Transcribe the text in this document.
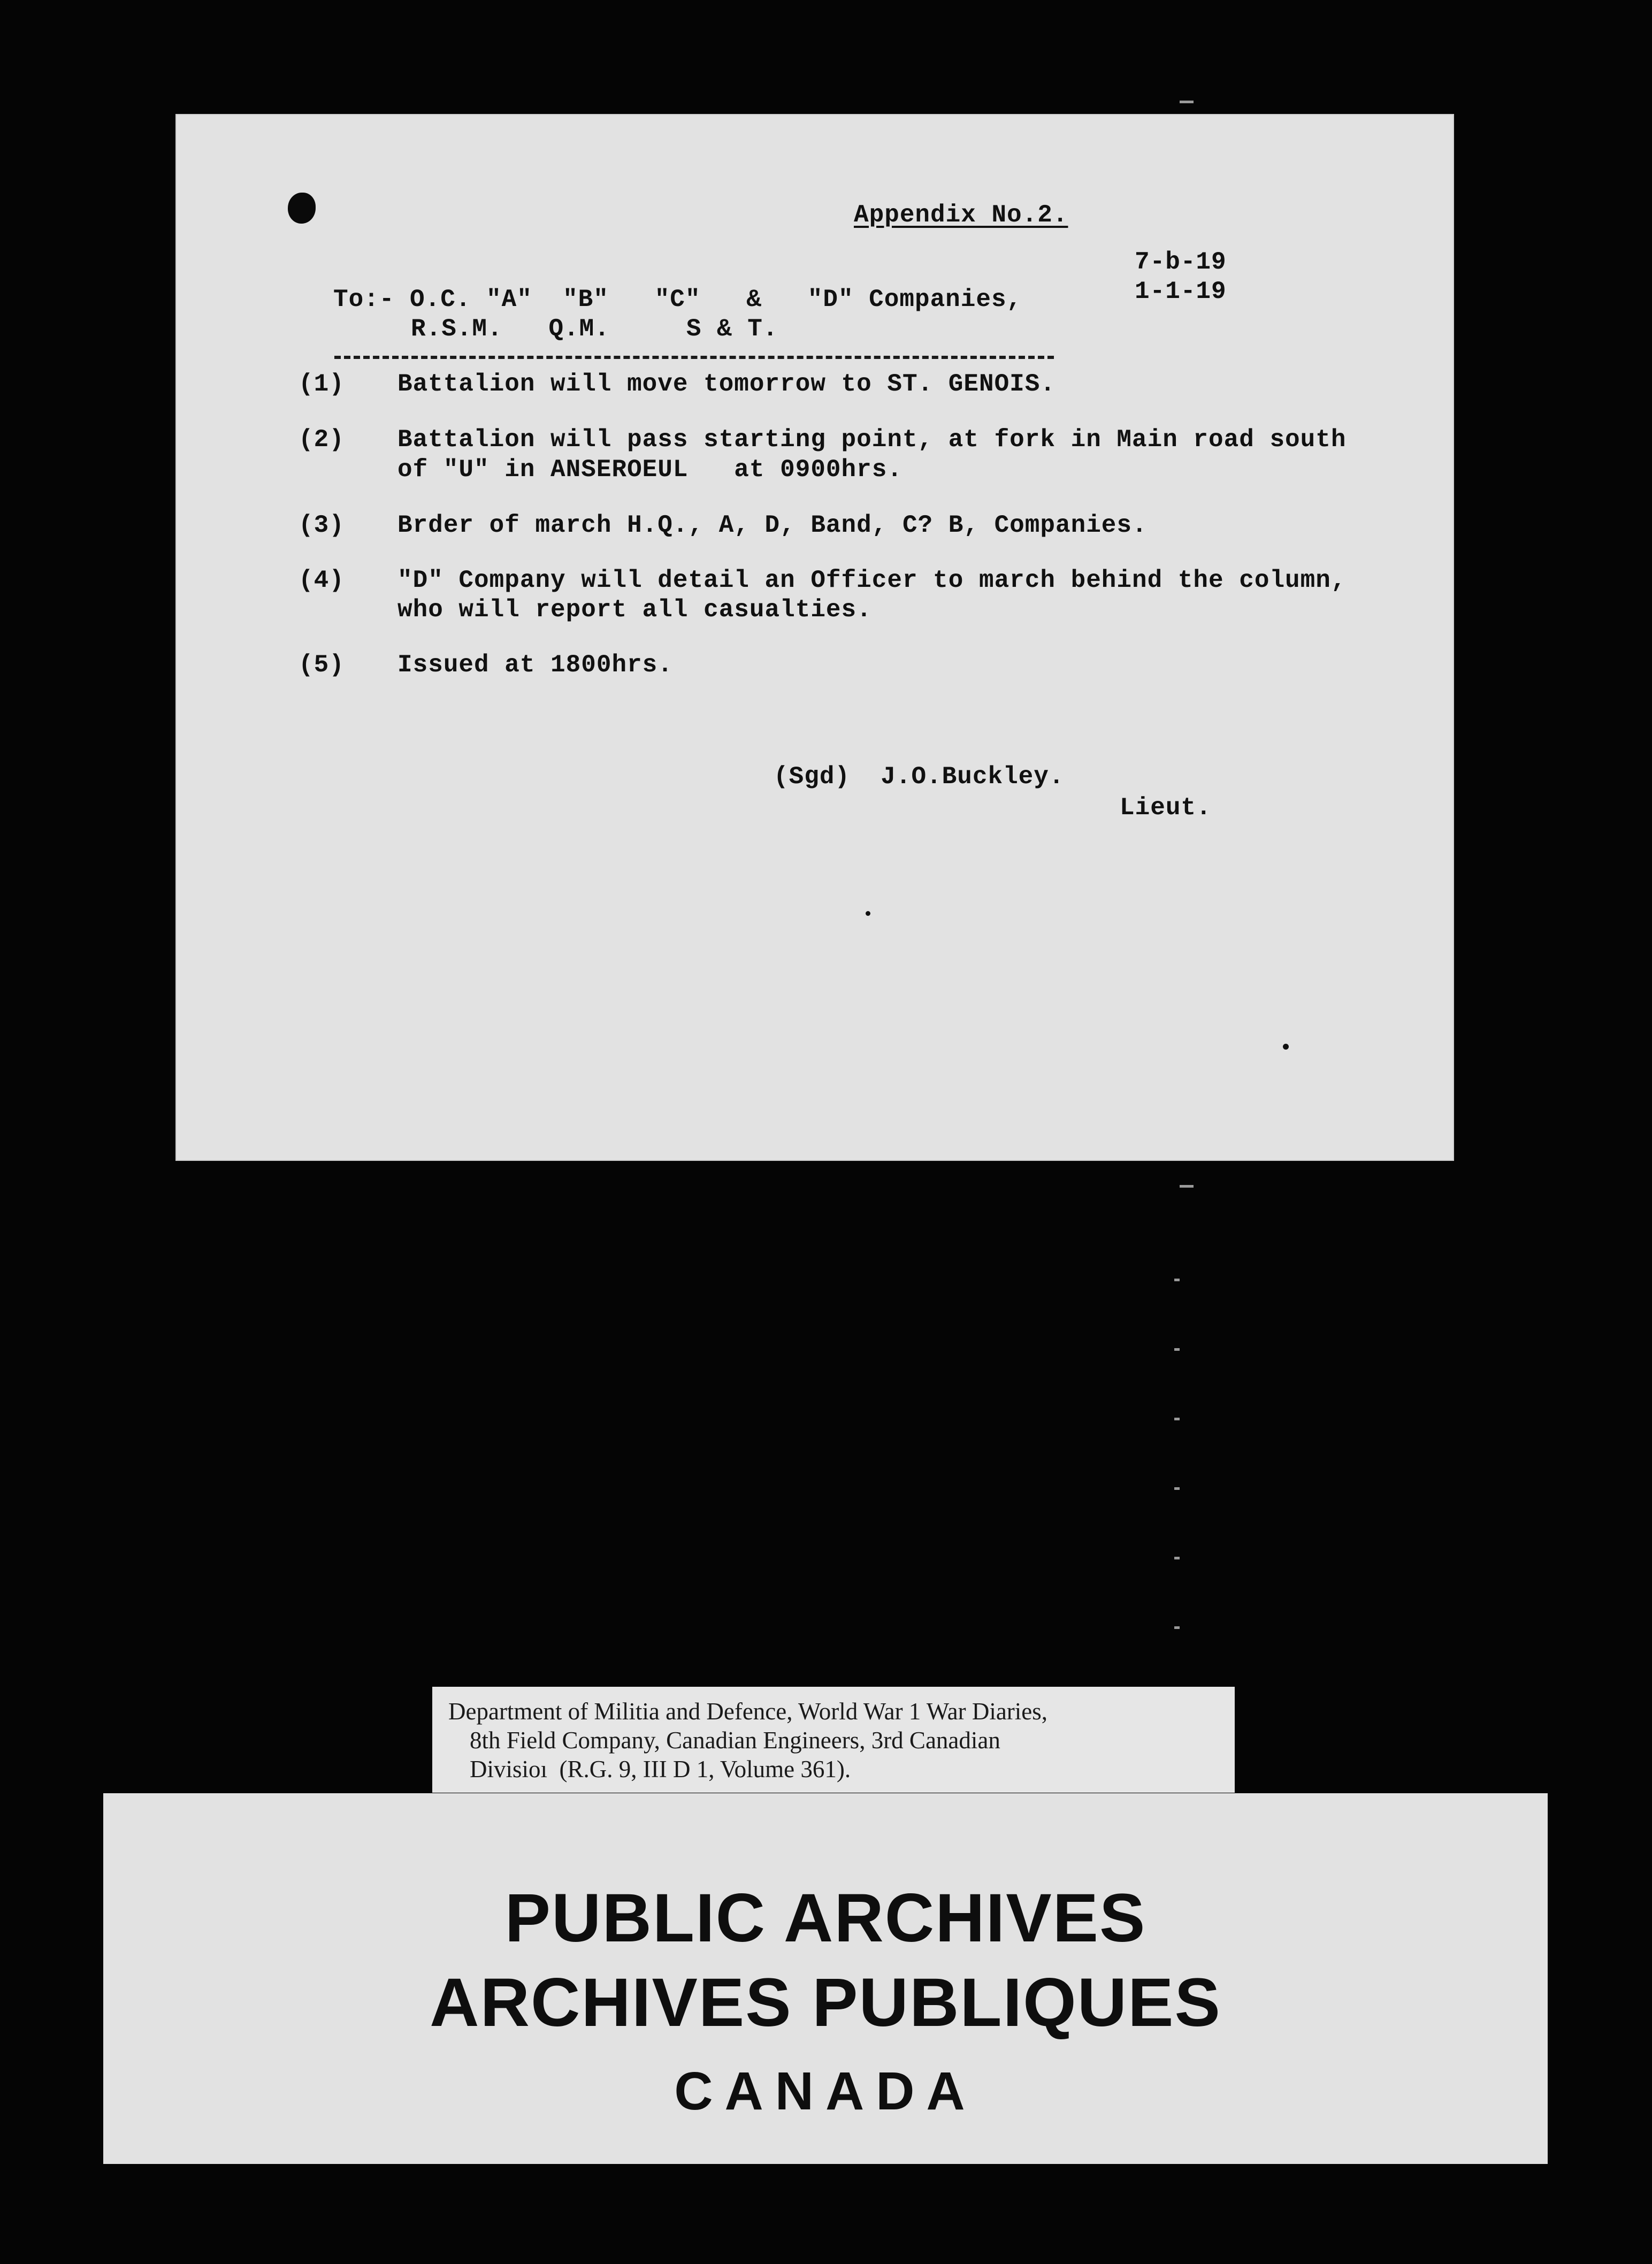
Appendix No.2.
7-b-19
1-1-19
To:- O.C. "A"  "B"   "C"   &   "D" Companies,
R.S.M.   Q.M.     S & T.
(1) Battalion will move tomorrow to ST. GENOIS.
(2) Battalion will pass starting point, at fork in Main road south
of "U" in ANSEROEUL   at 0900hrs.
(3) Brder of march H.Q., A, D, Band, C? B, Companies.
(4) "D" Company will detail an Officer to march behind the column,
who will report all casualties.
(5) Issued at 1800hrs.
(Sgd)  J.O.Buckley.
Lieut.
Department of Militia and Defence, World War 1 War Diaries,
8th Field Company, Canadian Engineers, 3rd Canadian
Divisioı  (R.G. 9, III D 1, Volume 361).
PUBLIC ARCHIVES
ARCHIVES PUBLIQUES
CANADA
